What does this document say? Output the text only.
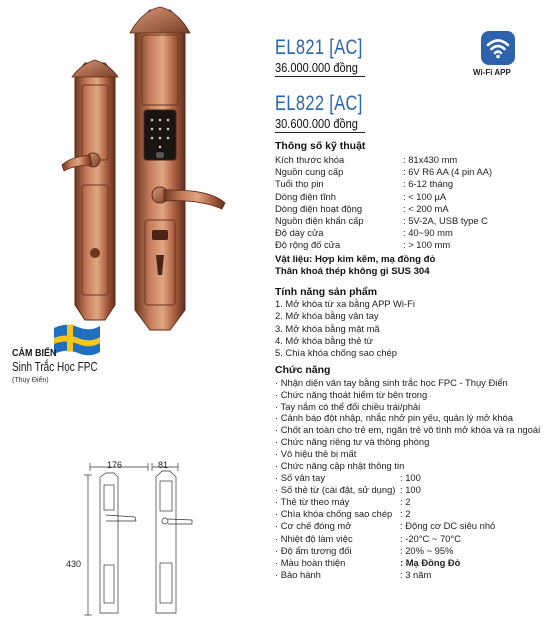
EL821 [AC]
36.000.000 đồng
EL822 [AC]
30.600.000 đồng
Wi-Fi APP
Thông số kỹ thuật
Kích thước khóa	: 81x430 mm
Nguồn cung cấp	: 6V R6 AA (4 pin AA)
Tuổi thọ pin	: 6-12 tháng
Dòng điện tĩnh	: < 100 µA
Dòng điện hoạt động	: < 200 mA
Nguồn điện khẩn cấp	: 5V-2A, USB type C
Độ dày cửa	: 40~90 mm
Độ rộng đố cửa	: > 100 mm
Vật liệu: Hợp kim kẽm, mạ đồng đỏ
Thân khoá thép không gỉ SUS 304
Tính năng sản phẩm
1. Mở khóa từ xa bằng APP Wi-Fi
2. Mở khóa bằng vân tay
3. Mở khóa bằng mật mã
4. Mở khóa bằng thẻ từ
5. Chìa khóa chống sao chép
Chức năng
· Nhận diện vân tay bằng sinh trắc học FPC - Thụy Điển
· Chức năng thoát hiểm từ bên trong
· Tay nắm có thể đổi chiều trái/phải
· Cảnh báo đột nhập, nhắc nhở pin yếu, quản lý mở khóa
· Chốt an toàn cho trẻ em, ngăn trẻ vô tình mở khóa và ra ngoài
· Chức năng riêng tư và thông phòng
· Vô hiệu thẻ bị mất
· Chức năng cập nhật thông tin
· Số vân tay	: 100
· Số thẻ từ (cài đặt, sử dụng) : 100
· Thẻ từ theo máy	: 2
· Chìa khóa chống sao chép : 2
· Cơ chế đóng mở	: Động cơ DC siêu nhỏ
· Nhiệt độ làm việc	: -20°C ~ 70°C
· Độ ẩm tương đối	: 20% ~ 95%
· Màu hoàn thiện	: Mạ Đồng Đỏ
· Bảo hành	: 3 năm
CẢM BIẾN
Sinh Trắc Học FPC
(Thụy Điển)
176	81
430
